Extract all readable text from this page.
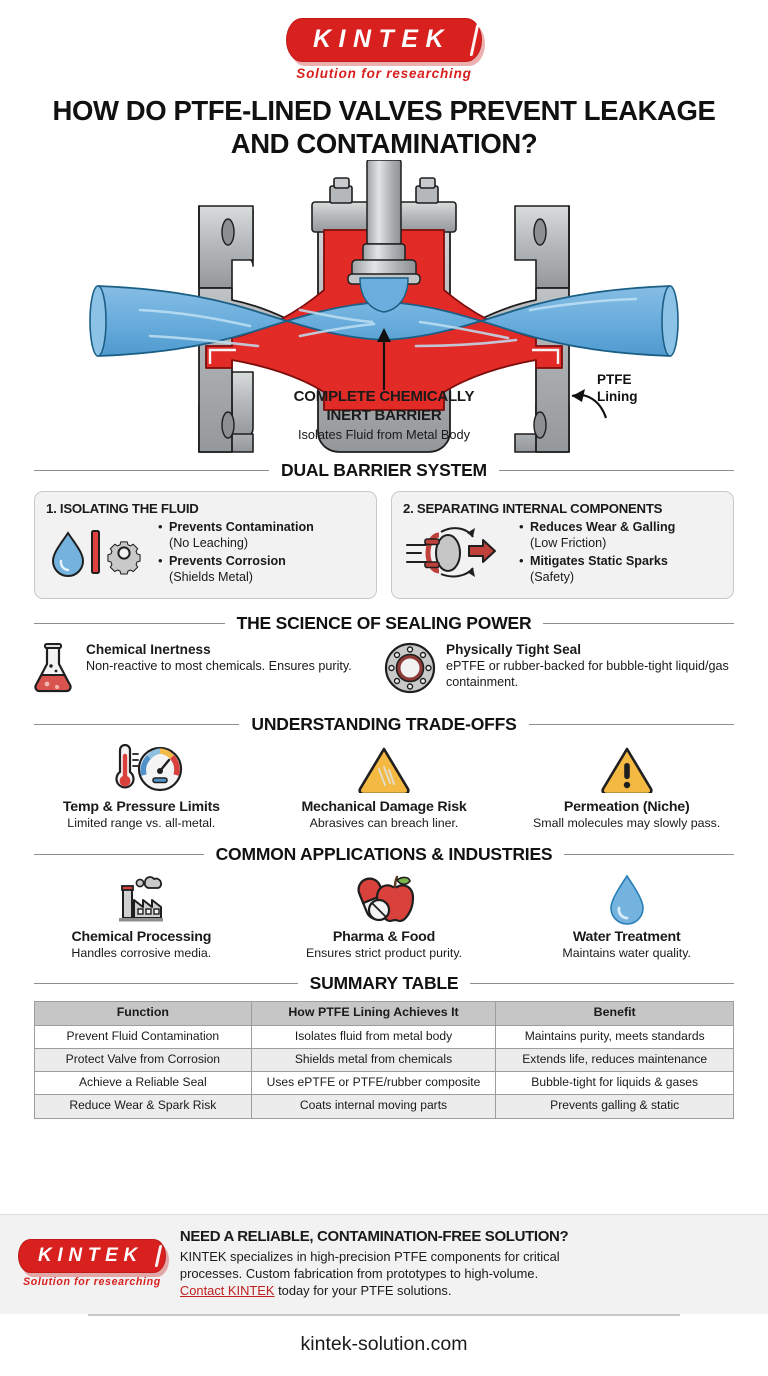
KINTEK
Solution for researching
HOW DO PTFE-LINED VALVES PREVENT LEAKAGE AND CONTAMINATION?
PTFE
Lining
COMPLETE CHEMICALLY
INERT BARRIER
Isolates Fluid from Metal Body
DUAL BARRIER SYSTEM
1. ISOLATING THE FLUID
• Prevents Contamination
(No Leaching)
• Prevents Corrosion
(Shields Metal)
2. SEPARATING INTERNAL COMPONENTS
• Reduces Wear & Galling
(Low Friction)
• Mitigates Static Sparks
(Safety)
THE SCIENCE OF SEALING POWER
Chemical Inertness

Non-reactive to most chemicals. Ensures purity.

Physically Tight Seal

ePTFE or rubber-backed for bubble-tight liquid/gas containment.

UNDERSTANDING TRADE-OFFS
Temp & Pressure Limits

Limited range vs. all-metal.

Mechanical Damage Risk

Abrasives can breach liner.

Permeation (Niche)

Small molecules may slowly pass.

COMMON APPLICATIONS & INDUSTRIES
Chemical Processing

Handles corrosive media.

Pharma & Food

Ensures strict product purity.

Water Treatment

Maintains water quality.

SUMMARY TABLE
Function	How PTFE Lining Achieves It	Benefit
Prevent Fluid Contamination	Isolates fluid from metal body	Maintains purity, meets standards
Protect Valve from Corrosion	Shields metal from chemicals	Extends life, reduces maintenance
Achieve a Reliable Seal	Uses ePTFE or PTFE/rubber composite	Bubble-tight for liquids & gases
Reduce Wear & Spark Risk	Coats internal moving parts	Prevents galling & static
KINTEK
Solution for researching
NEED A RELIABLE, CONTAMINATION-FREE SOLUTION?

KINTEK specializes in high-precision PTFE components for critical

processes. Custom fabrication from prototypes to high-volume.

Contact KINTEK today for your PTFE solutions.

kintek-solution.com
